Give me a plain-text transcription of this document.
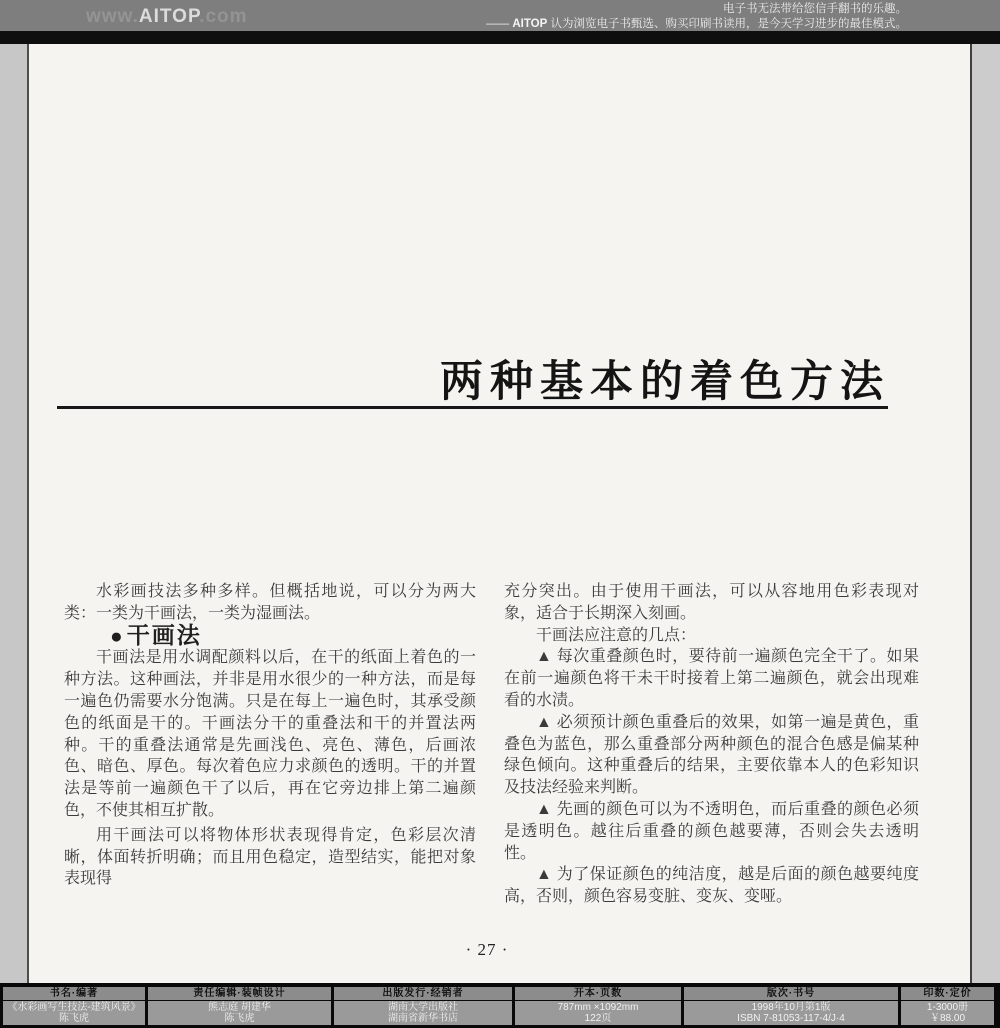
www.AITOP.com	电子书无法带给您信手翻书的乐趣。
—— AITOP 认为浏览电子书甄选、购买印刷书读用，是今天学习进步的最佳模式。
两种基本的着色方法

水彩画技法多种多样。但概括地说，可以分为两大类：一类为干画法，一类为湿画法。

●干画法

干画法是用水调配颜料以后，在干的纸面上着色的一种方法。这种画法，并非是用水很少的一种方法，而是每一遍色仍需要水分饱满。只是在每上一遍色时，其承受颜色的纸面是干的。干画法分干的重叠法和干的并置法两种。干的重叠法通常是先画浅色、亮色、薄色，后画浓色、暗色、厚色。每次着色应力求颜色的透明。干的并置法是等前一遍颜色干了以后，再在它旁边排上第二遍颜色，不使其相互扩散。

用干画法可以将物体形状表现得肯定，色彩层次清晰，体面转折明确；而且用色稳定，造型结实，能把对象表现得

充分突出。由于使用干画法，可以从容地用色彩表现对象，适合于长期深入刻画。

干画法应注意的几点：

▲ 每次重叠颜色时，要待前一遍颜色完全干了。如果在前一遍颜色将干未干时接着上第二遍颜色，就会出现难看的水渍。

▲ 必须预计颜色重叠后的效果，如第一遍是黄色，重叠色为蓝色，那么重叠部分两种颜色的混合色感是偏某种绿色倾向。这种重叠后的结果，主要依靠本人的色彩知识及技法经验来判断。

▲ 先画的颜色可以为不透明色，而后重叠的颜色必须是透明色。越往后重叠的颜色越要薄，否则会失去透明性。

▲ 为了保证颜色的纯洁度，越是后面的颜色越要纯度高，否则，颜色容易变脏、变灰、变哑。

· 27 ·
书名·编著
《水彩画写生技法-建筑风景》
陈飞虎
责任编辑·装帧设计
熊志庭 胡建华
陈飞虎
出版发行·经销者
湖南大学出版社
湖南省新华书店
开本·页数
787mm ×1092mm
122页
版次·书号
1998年10月第1版
ISBN 7-81053-117-4/J·4
印数·定价
1-3000册
￥88.00
